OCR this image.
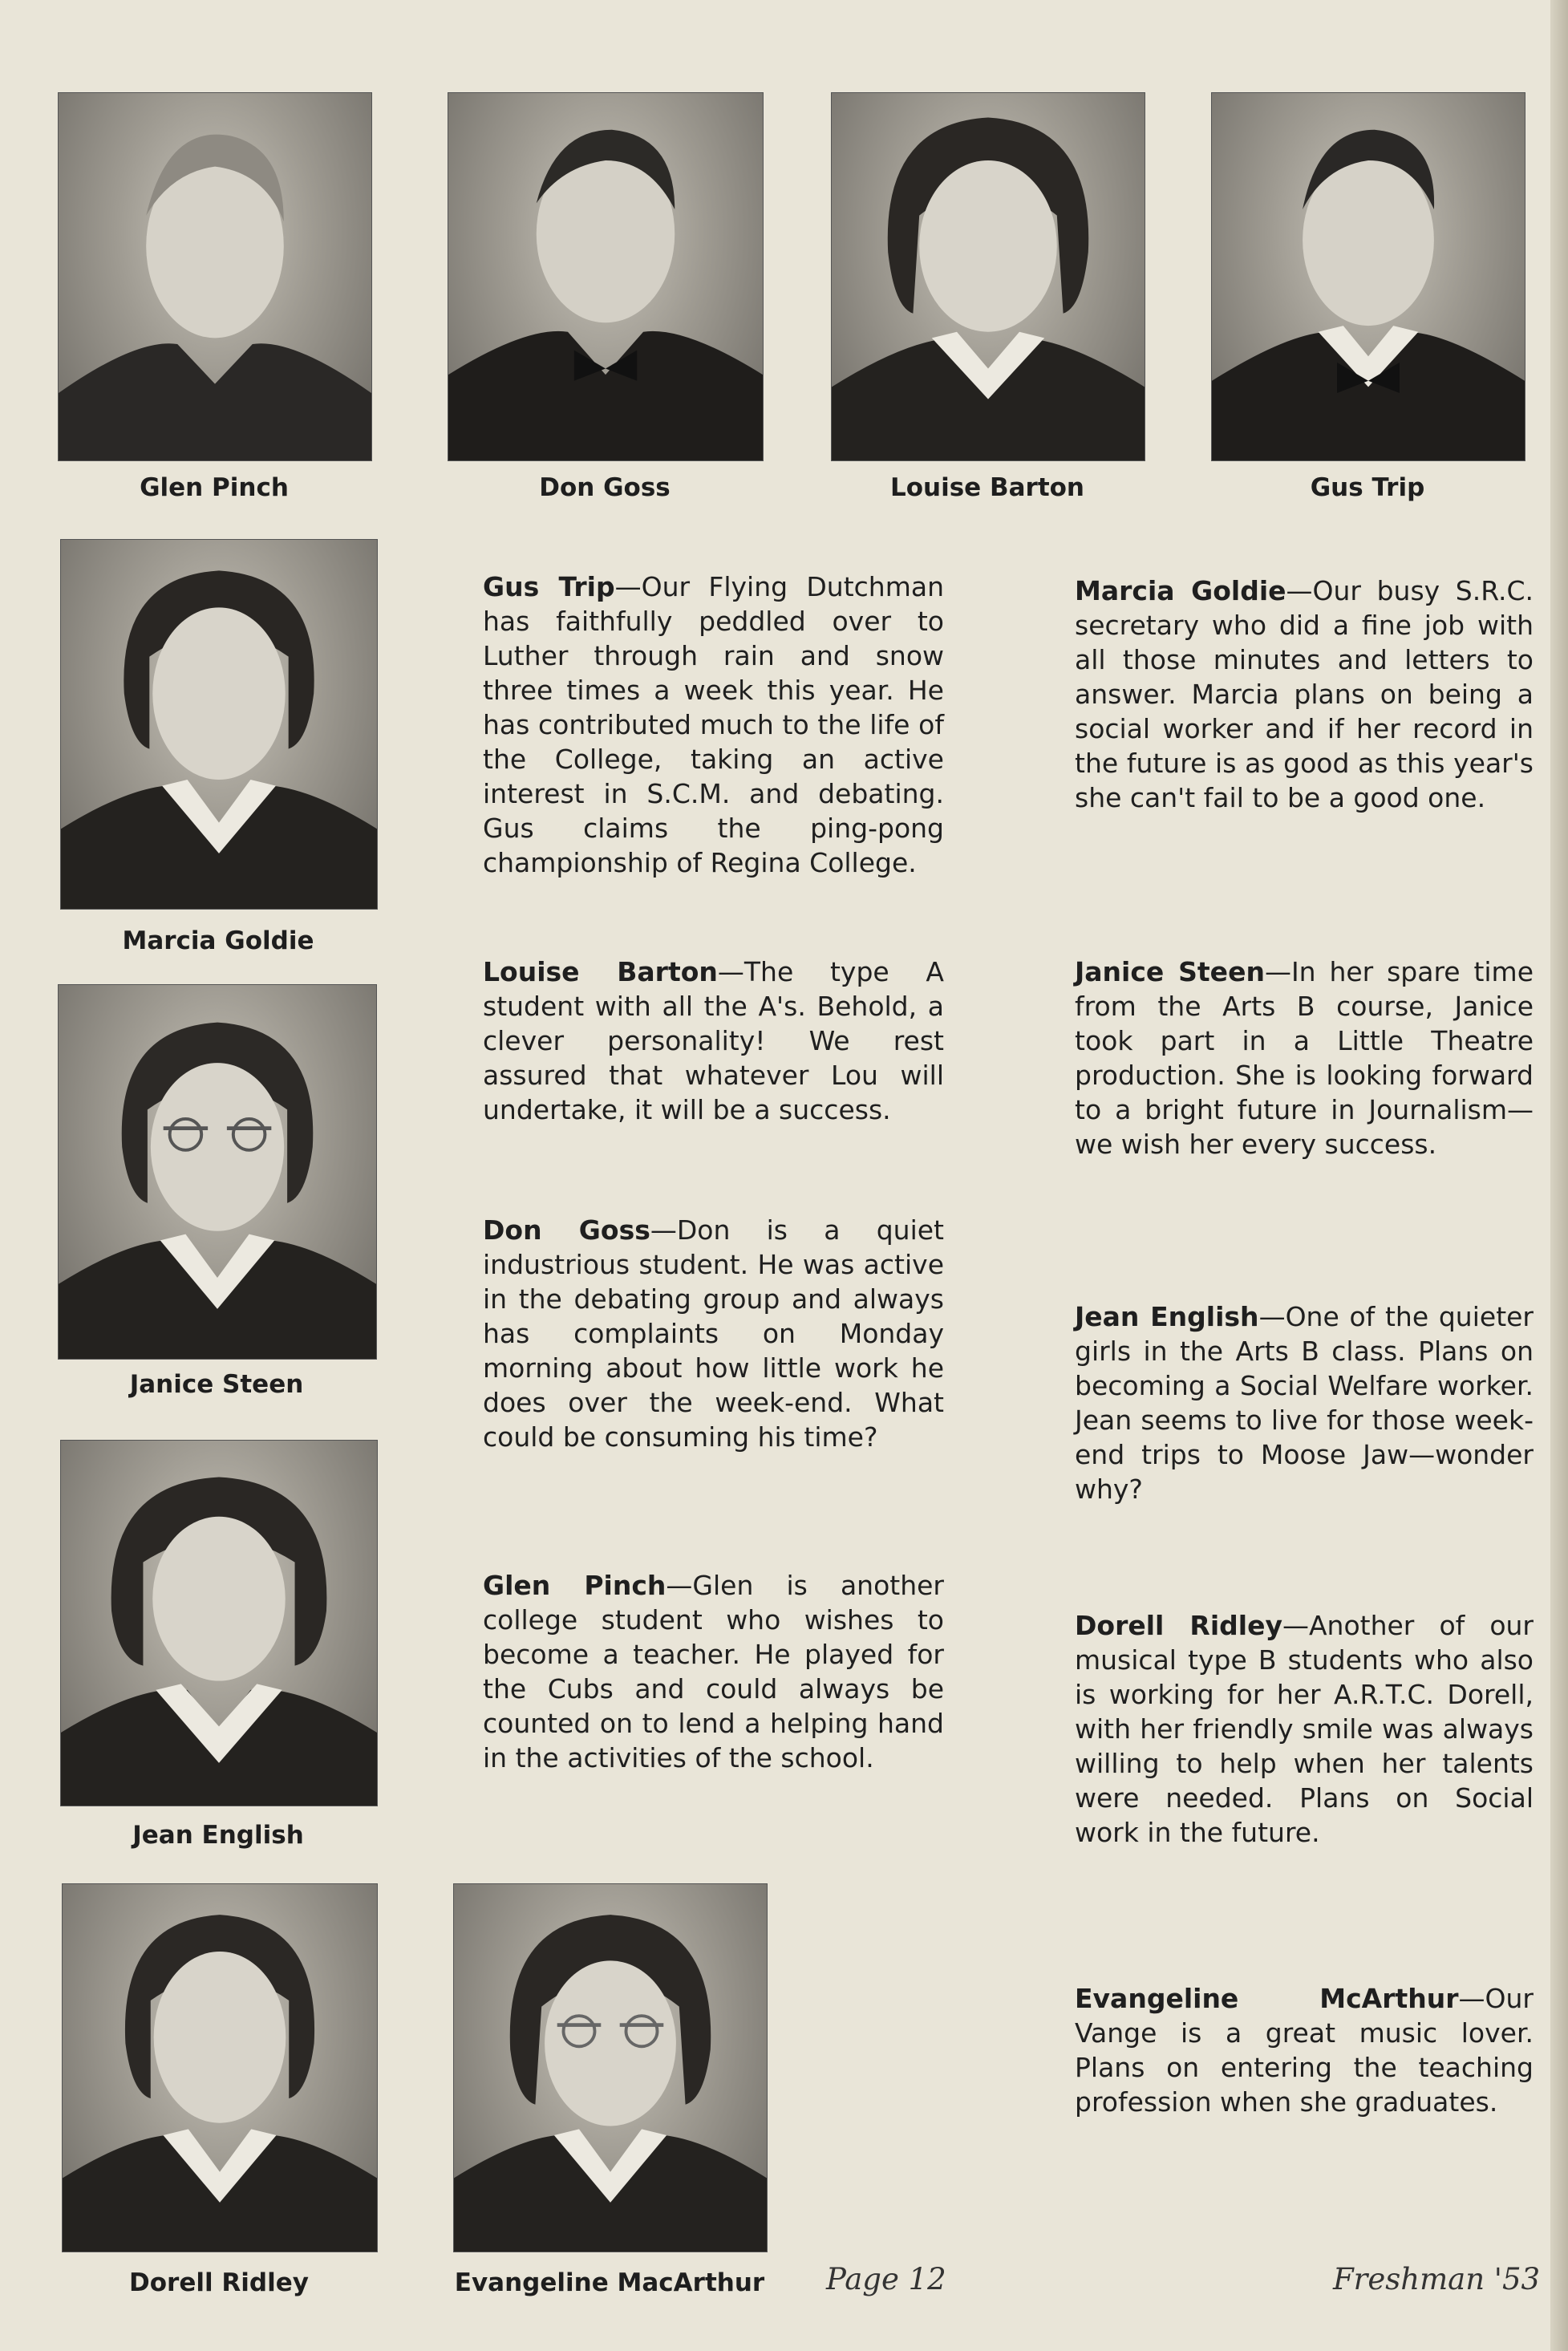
Glen Pinch	Don Goss	Louise Barton	Gus Trip
Marcia Goldie
Janice Steen
Jean English
Dorell Ridley	Evangeline MacArthur

Gus Trip—Our Flying Dutchman has faithfully peddled over to Luther through rain and snow three times a week this year. He has contributed much to the life of the College, taking an active interest in S.C.M. and debating. Gus claims the ping-pong championship of Regina College.

Louise Barton—The type A student with all the A's. Behold, a clever personality! We rest assured that whatever Lou will undertake, it will be a success.

Don Goss—Don is a quiet industrious student. He was active in the debating group and always has complaints on Monday morning about how little work he does over the week-end. What could be consuming his time?

Glen Pinch—Glen is another college student who wishes to become a teacher. He played for the Cubs and could always be counted on to lend a helping hand in the activities of the school.

Marcia Goldie—Our busy S.R.C. secretary who did a fine job with all those minutes and letters to answer. Marcia plans on being a social worker and if her record in the future is as good as this year's she can't fail to be a good one.

Janice Steen—In her spare time from the Arts B course, Janice took part in a Little Theatre production. She is looking forward to a bright future in Journalism—we wish her every success.

Jean English—One of the quieter girls in the Arts B class. Plans on becoming a Social Welfare worker. Jean seems to live for those week-end trips to Moose Jaw—wonder why?

Dorell Ridley—Another of our musical type B students who also is working for her A.R.T.C. Dorell, with her friendly smile was always willing to help when her talents were needed. Plans on Social work in the future.

Evangeline McArthur—Our Vange is a great music lover. Plans on entering the teaching profession when she graduates.

Page 12	Freshman '53
